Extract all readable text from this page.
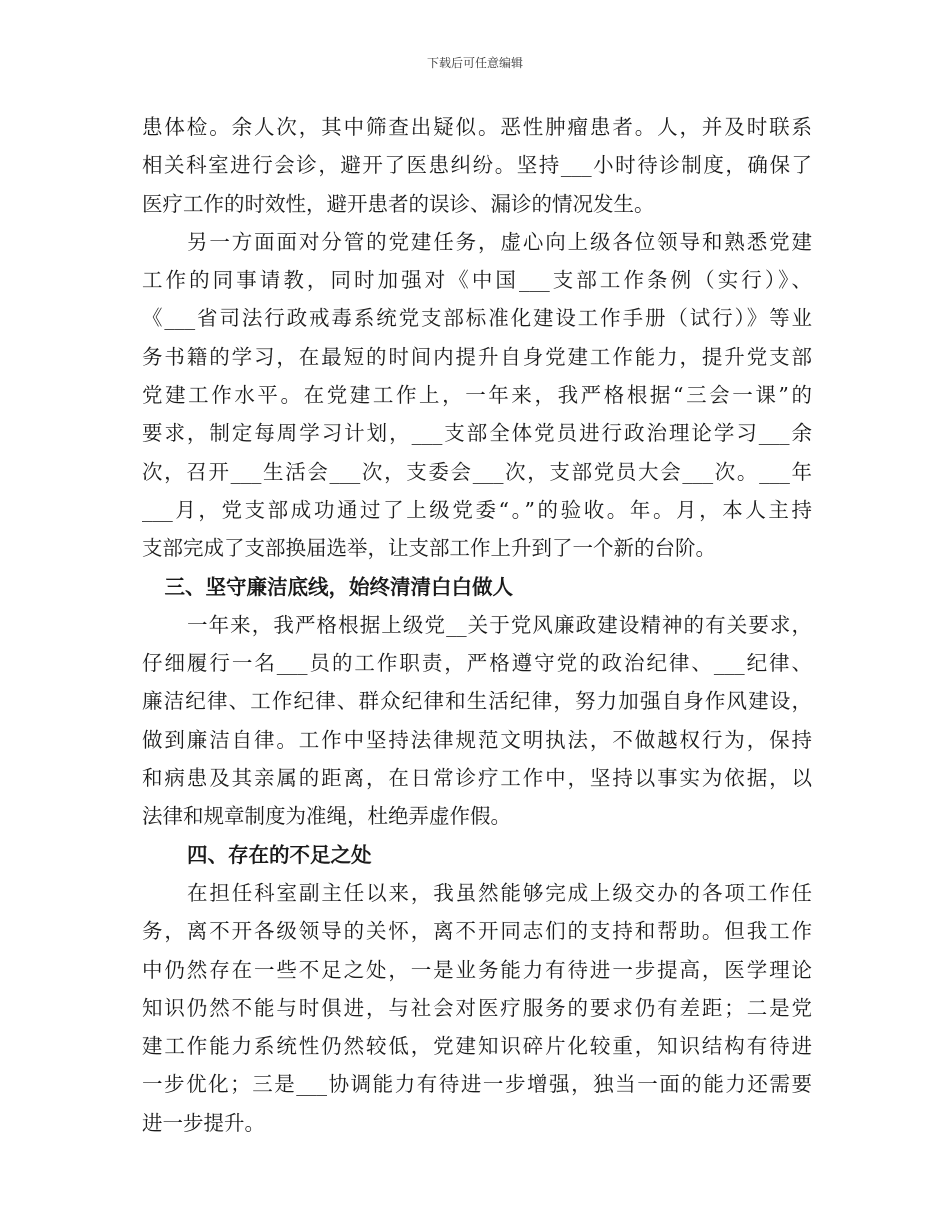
下载后可任意编辑
患体检。余人次，其中筛查出疑似。恶性肿瘤患者。人，并及时联系
相关科室进行会诊，避开了医患纠纷。坚持___小时待诊制度，确保了
医疗工作的时效性，避开患者的误诊、漏诊的情况发生。
另一方面面对分管的党建任务，虚心向上级各位领导和熟悉党建
工作的同事请教，同时加强对《中国___支部工作条例（实行）》、
《___省司法行政戒毒系统党支部标准化建设工作手册（试行）》等业
务书籍的学习，在最短的时间内提升自身党建工作能力，提升党支部
党建工作水平。在党建工作上，一年来，我严格根据“三会一课”的
要求，制定每周学习计划，___支部全体党员进行政治理论学习___余
次，召开___生活会___次，支委会___次，支部党员大会___次。___年
___月，党支部成功通过了上级党委“。”的验收。年。月，本人主持
支部完成了支部换届选举，让支部工作上升到了一个新的台阶。
三、坚守廉洁底线，始终清清白白做人
一年来，我严格根据上级党__关于党风廉政建设精神的有关要求，
仔细履行一名___员的工作职责，严格遵守党的政治纪律、___纪律、
廉洁纪律、工作纪律、群众纪律和生活纪律，努力加强自身作风建设，
做到廉洁自律。工作中坚持法律规范文明执法，不做越权行为，保持
和病患及其亲属的距离，在日常诊疗工作中，坚持以事实为依据，以
法律和规章制度为准绳，杜绝弄虚作假。
四、存在的不足之处
在担任科室副主任以来，我虽然能够完成上级交办的各项工作任
务，离不开各级领导的关怀，离不开同志们的支持和帮助。但我工作
中仍然存在一些不足之处，一是业务能力有待进一步提高，医学理论
知识仍然不能与时俱进，与社会对医疗服务的要求仍有差距；二是党
建工作能力系统性仍然较低，党建知识碎片化较重，知识结构有待进
一步优化；三是___协调能力有待进一步增强，独当一面的能力还需要
进一步提升。
